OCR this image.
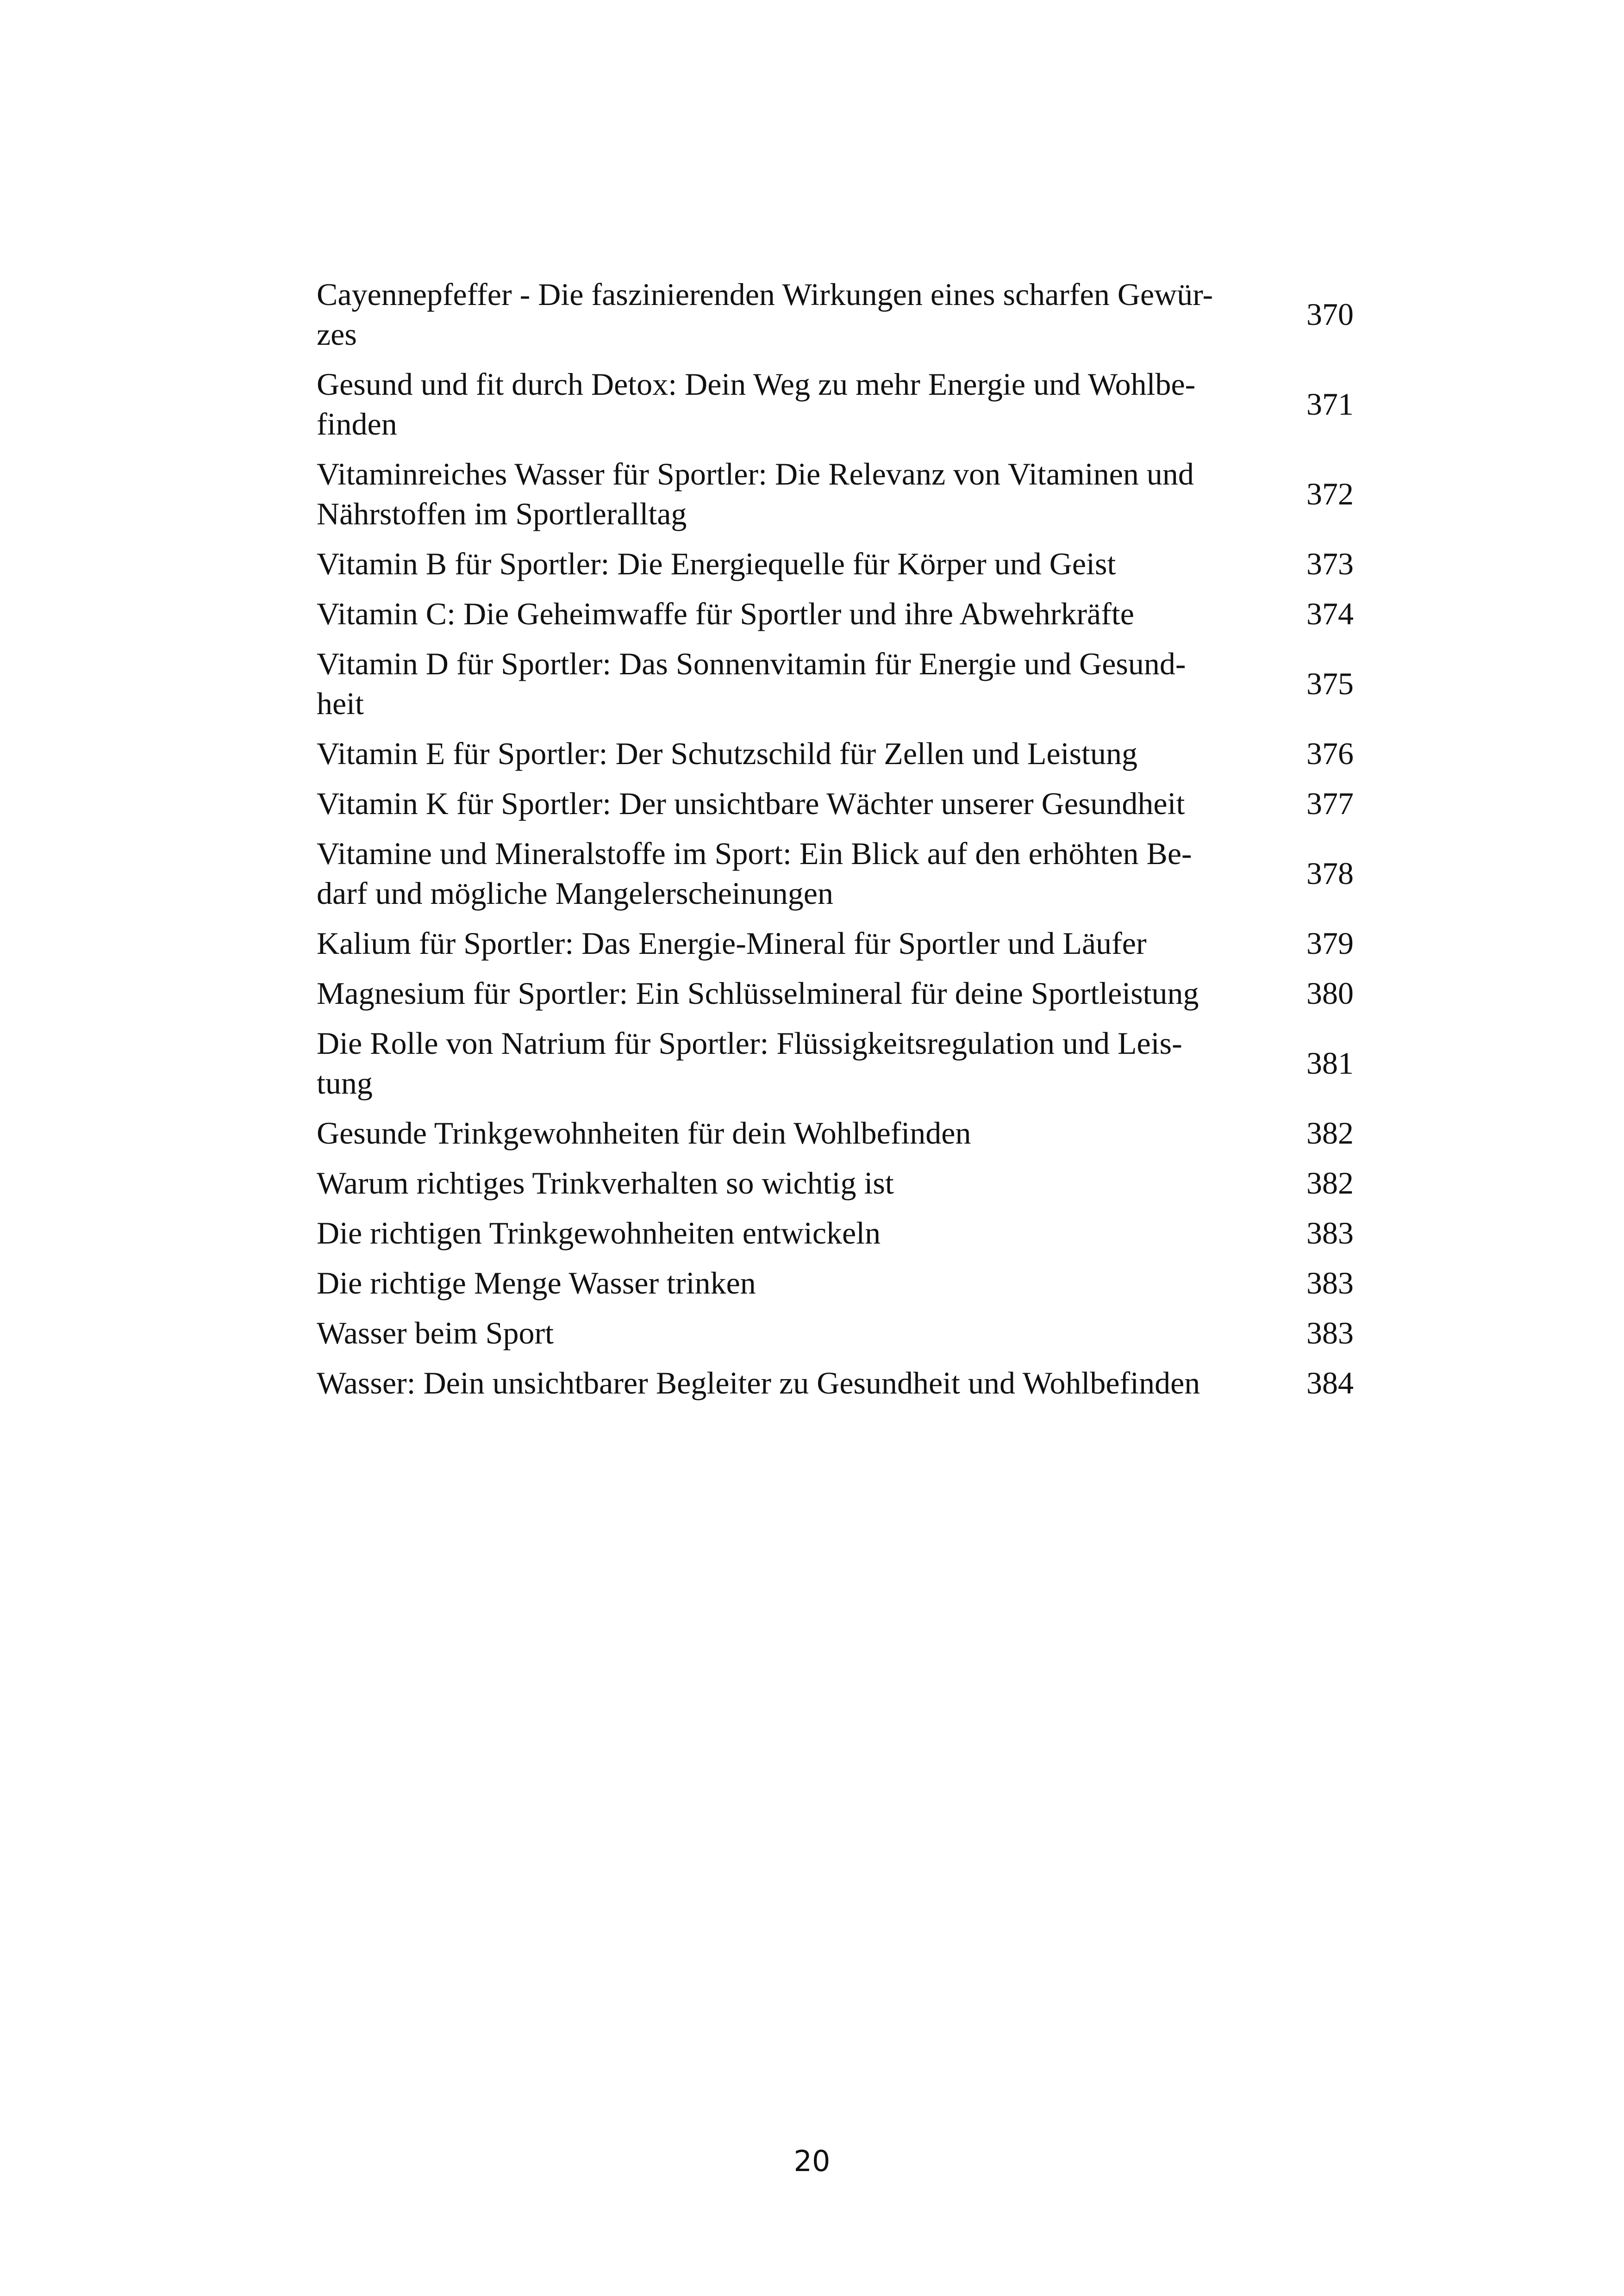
Cayennepfeffer - Die faszinierenden Wirkungen eines scharfen Gewür-
zes
370
Gesund und fit durch Detox: Dein Weg zu mehr Energie und Wohlbe-
finden
371
Vitaminreiches Wasser für Sportler: Die Relevanz von Vitaminen und
Nährstoffen im Sportleralltag
372
Vitamin B für Sportler: Die Energiequelle für Körper und Geist	373
Vitamin C: Die Geheimwaffe für Sportler und ihre Abwehrkräfte	374
Vitamin D für Sportler: Das Sonnenvitamin für Energie und Gesund-
heit
375
Vitamin E für Sportler: Der Schutzschild für Zellen und Leistung	376
Vitamin K für Sportler: Der unsichtbare Wächter unserer Gesundheit	377
Vitamine und Mineralstoffe im Sport: Ein Blick auf den erhöhten Be-
darf und mögliche Mangelerscheinungen
378
Kalium für Sportler: Das Energie-Mineral für Sportler und Läufer	379
Magnesium für Sportler: Ein Schlüsselmineral für deine Sportleistung	380
Die Rolle von Natrium für Sportler: Flüssigkeitsregulation und Leis-
tung
381
Gesunde Trinkgewohnheiten für dein Wohlbefinden	382
Warum richtiges Trinkverhalten so wichtig ist	382
Die richtigen Trinkgewohnheiten entwickeln	383
Die richtige Menge Wasser trinken	383
Wasser beim Sport	383
Wasser: Dein unsichtbarer Begleiter zu Gesundheit und Wohlbefinden	384
20
